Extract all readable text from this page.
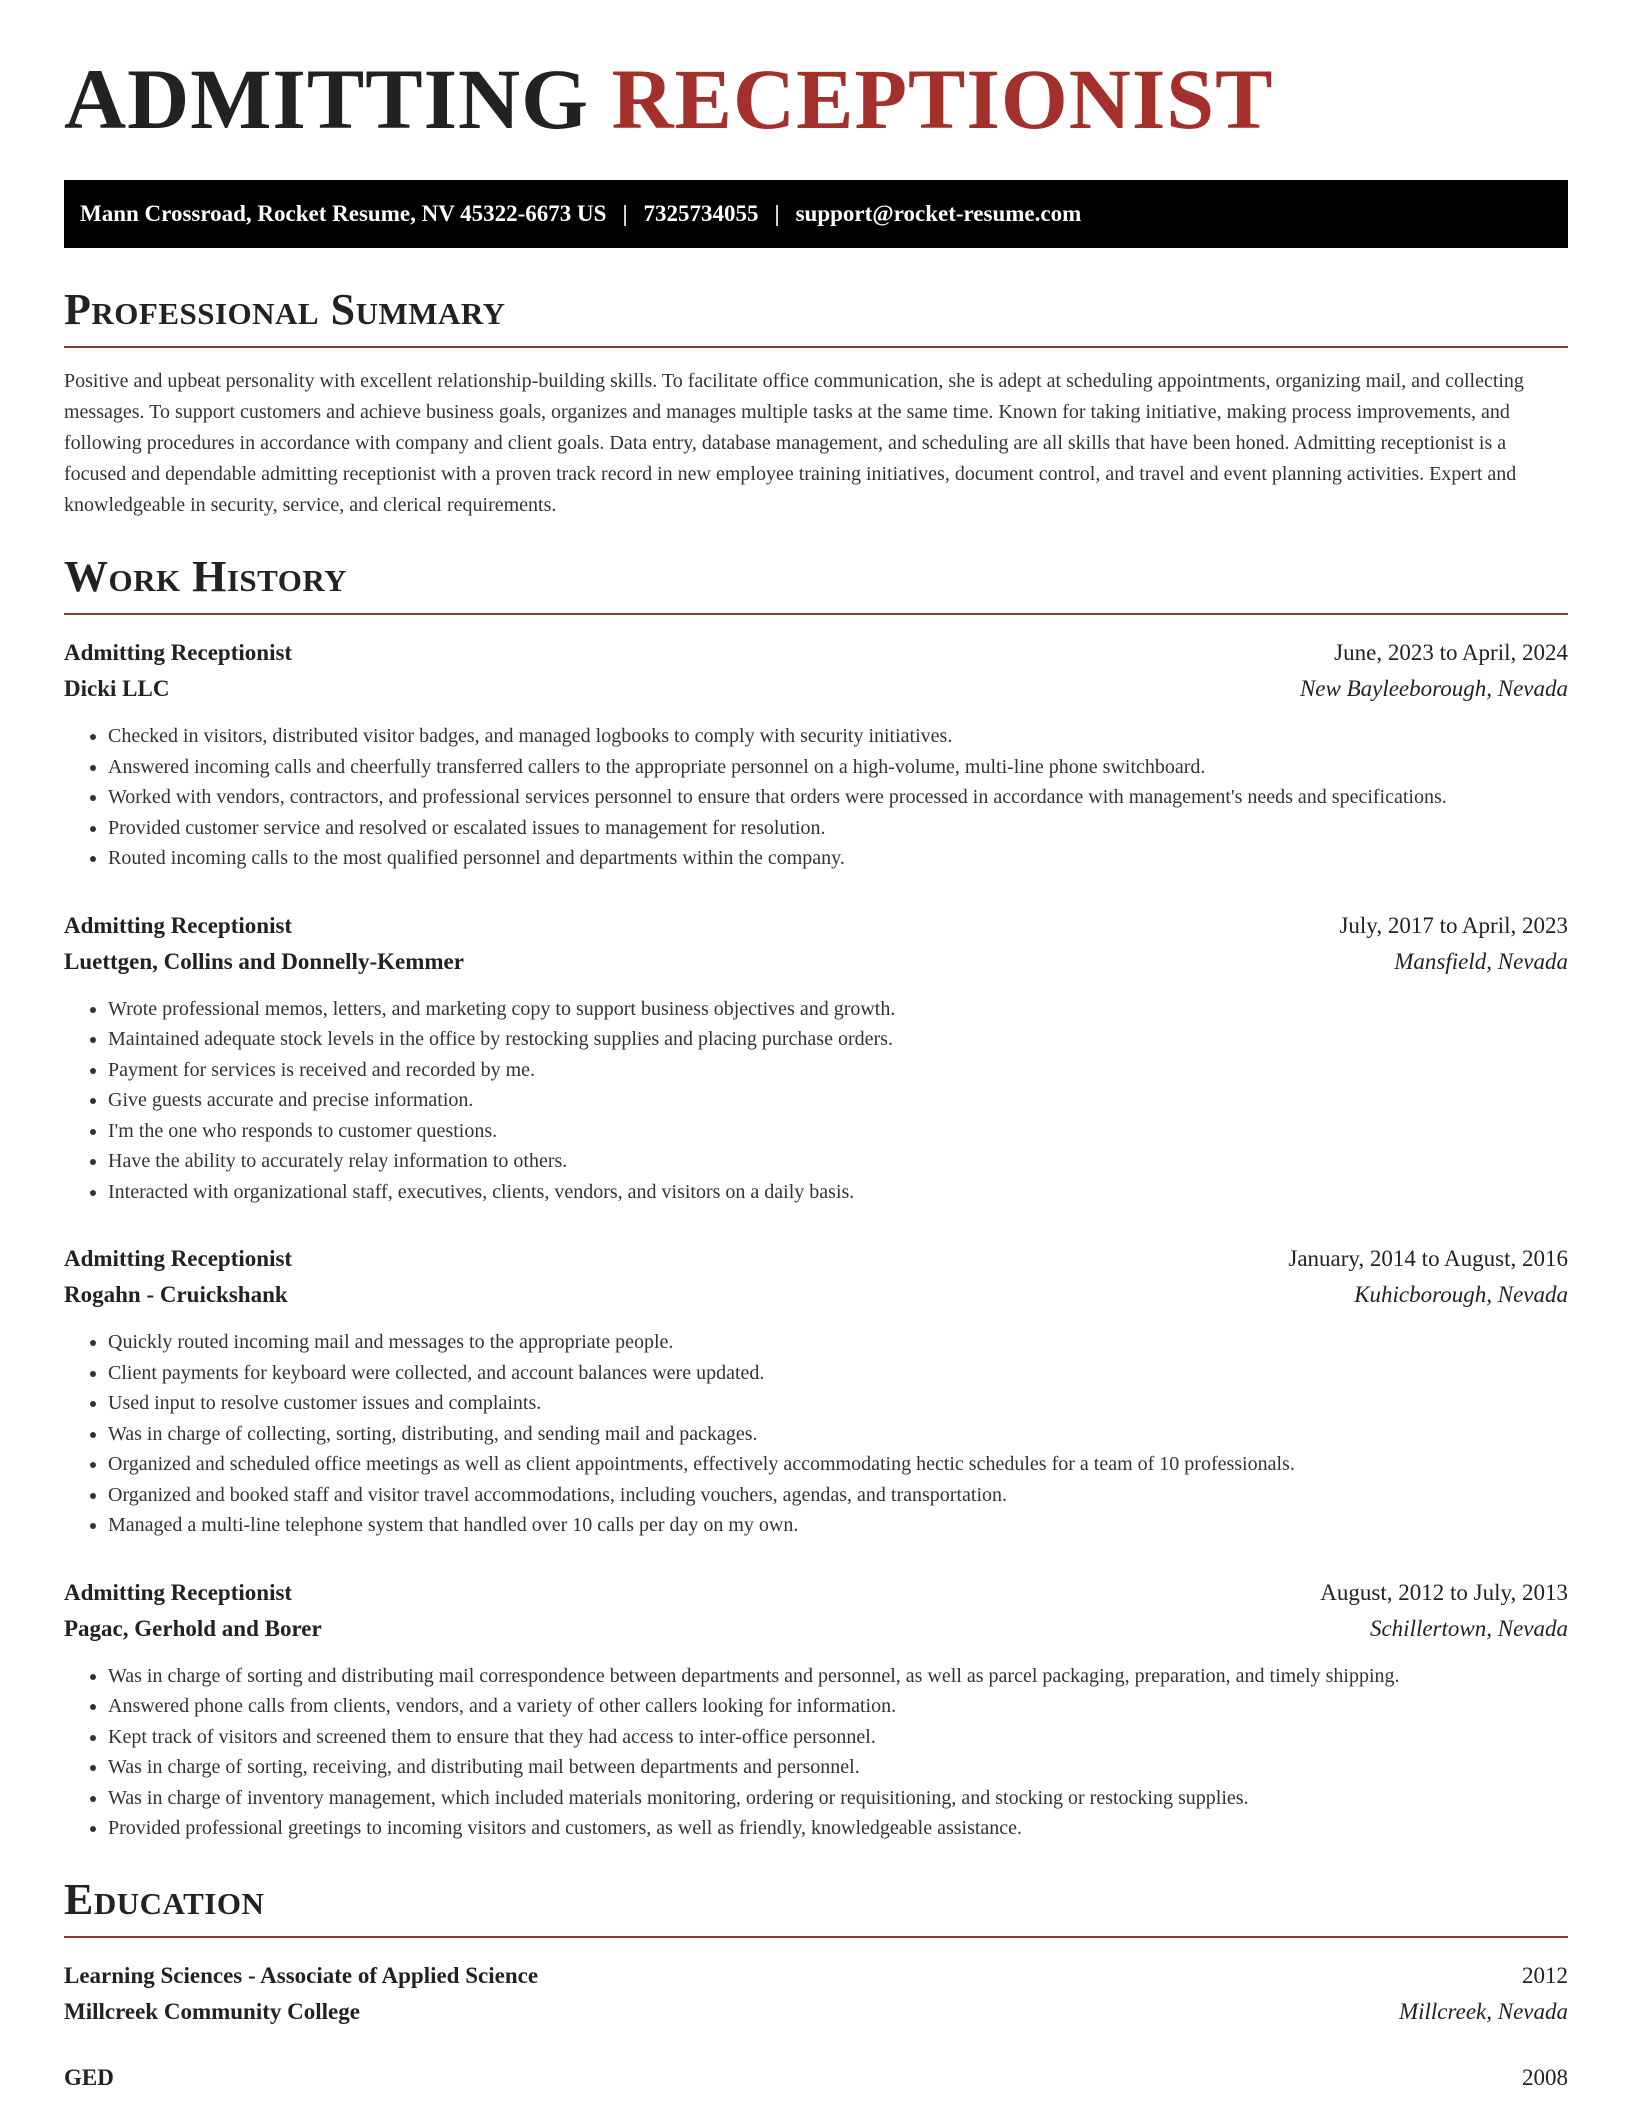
ADMITTING RECEPTIONIST
Mann Crossroad, Rocket Resume, NV 45322-6673 US | 7325734055 | support@rocket-resume.com
Professional Summary

Positive and upbeat personality with excellent relationship-building skills. To facilitate office communication, she is adept at scheduling appointments, organizing mail, and collecting messages. To support customers and achieve business goals, organizes and manages multiple tasks at the same time. Known for taking initiative, making process improvements, and following procedures in accordance with company and client goals. Data entry, database management, and scheduling are all skills that have been honed. Admitting receptionist is a focused and dependable admitting receptionist with a proven track record in new employee training initiatives, document control, and travel and event planning activities. Expert and knowledgeable in security, service, and clerical requirements.

Work History
Admitting Receptionist	June, 2023 to April, 2024
Dicki LLC	New Bayleeborough, Nevada
• Checked in visitors, distributed visitor badges, and managed logbooks to comply with security initiatives.
• Answered incoming calls and cheerfully transferred callers to the appropriate personnel on a high-volume, multi-line phone switchboard.
• Worked with vendors, contractors, and professional services personnel to ensure that orders were processed in accordance with management's needs and specifications.
• Provided customer service and resolved or escalated issues to management for resolution.
• Routed incoming calls to the most qualified personnel and departments within the company.
Admitting Receptionist	July, 2017 to April, 2023
Luettgen, Collins and Donnelly-Kemmer	Mansfield, Nevada
• Wrote professional memos, letters, and marketing copy to support business objectives and growth.
• Maintained adequate stock levels in the office by restocking supplies and placing purchase orders.
• Payment for services is received and recorded by me.
• Give guests accurate and precise information.
• I'm the one who responds to customer questions.
• Have the ability to accurately relay information to others.
• Interacted with organizational staff, executives, clients, vendors, and visitors on a daily basis.
Admitting Receptionist	January, 2014 to August, 2016
Rogahn - Cruickshank	Kuhicborough, Nevada
• Quickly routed incoming mail and messages to the appropriate people.
• Client payments for keyboard were collected, and account balances were updated.
• Used input to resolve customer issues and complaints.
• Was in charge of collecting, sorting, distributing, and sending mail and packages.
• Organized and scheduled office meetings as well as client appointments, effectively accommodating hectic schedules for a team of 10 professionals.
• Organized and booked staff and visitor travel accommodations, including vouchers, agendas, and transportation.
• Managed a multi-line telephone system that handled over 10 calls per day on my own.
Admitting Receptionist	August, 2012 to July, 2013
Pagac, Gerhold and Borer	Schillertown, Nevada
• Was in charge of sorting and distributing mail correspondence between departments and personnel, as well as parcel packaging, preparation, and timely shipping.
• Answered phone calls from clients, vendors, and a variety of other callers looking for information.
• Kept track of visitors and screened them to ensure that they had access to inter-office personnel.
• Was in charge of sorting, receiving, and distributing mail between departments and personnel.
• Was in charge of inventory management, which included materials monitoring, ordering or requisitioning, and stocking or restocking supplies.
• Provided professional greetings to incoming visitors and customers, as well as friendly, knowledgeable assistance.
Education
Learning Sciences - Associate of Applied Science	2012
Millcreek Community College	Millcreek, Nevada
GED	2008
